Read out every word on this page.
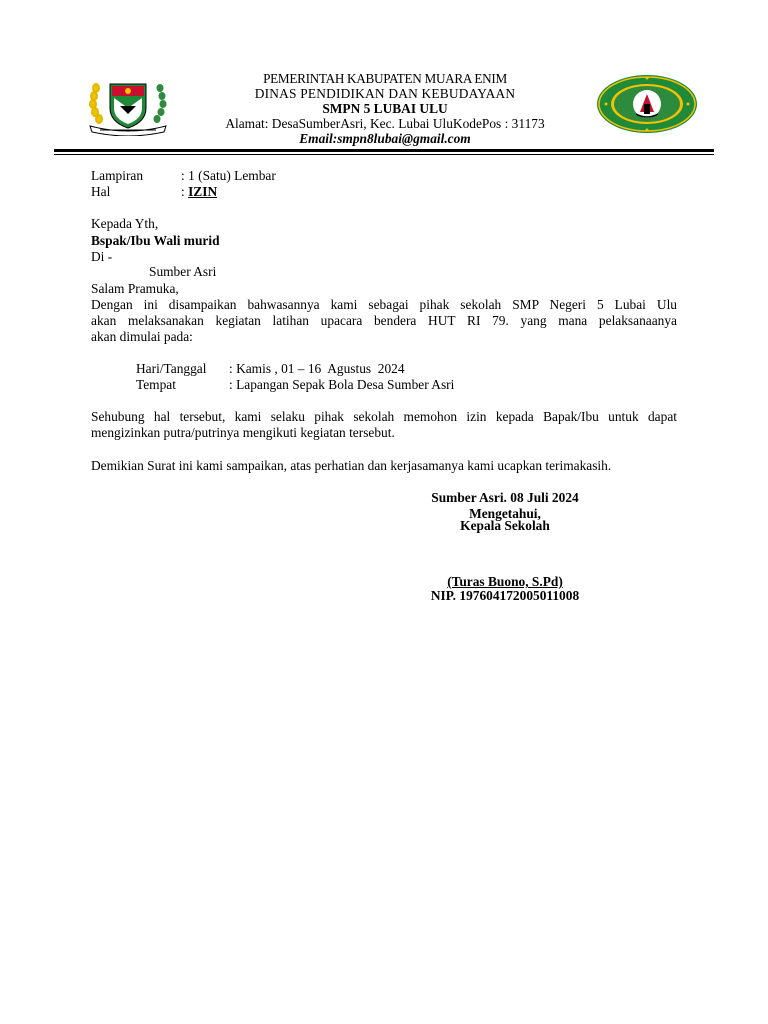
PEMERINTAH KABUPATEN MUARA ENIM
DINAS PENDIDIKAN DAN KEBUDAYAAN
SMPN 5 LUBAI ULU
Alamat: DesaSumberAsri, Kec. Lubai UluKodePos : 31173
Email:smpn8lubai@gmail.com
Lampiran	: 1 (Satu) Lembar
Hal	: IZIN
Kepada Yth,
Bspak/Ibu Wali murid
Di -
Sumber Asri
Salam Pramuka,
Dengan ini disampaikan bahwasannya kami sebagai pihak sekolah SMP Negeri 5 Lubai Ulu
akan melaksanakan kegiatan latihan upacara bendera HUT RI 79. yang mana pelaksanaanya
akan dimulai pada:
Hari/Tanggal : Kamis , 01 – 16  Agustus  2024
Tempat	: Lapangan Sepak Bola Desa Sumber Asri
Sehubung hal tersebut, kami selaku pihak sekolah memohon izin kepada Bapak/Ibu untuk dapat
mengizinkan putra/putrinya mengikuti kegiatan tersebut.
Demikian Surat ini kami sampaikan, atas perhatian dan kerjasamanya kami ucapkan terimakasih.
Sumber Asri. 08 Juli 2024
Mengetahui,
Kepala Sekolah
(Turas Buono, S.Pd)
NIP. 197604172005011008
